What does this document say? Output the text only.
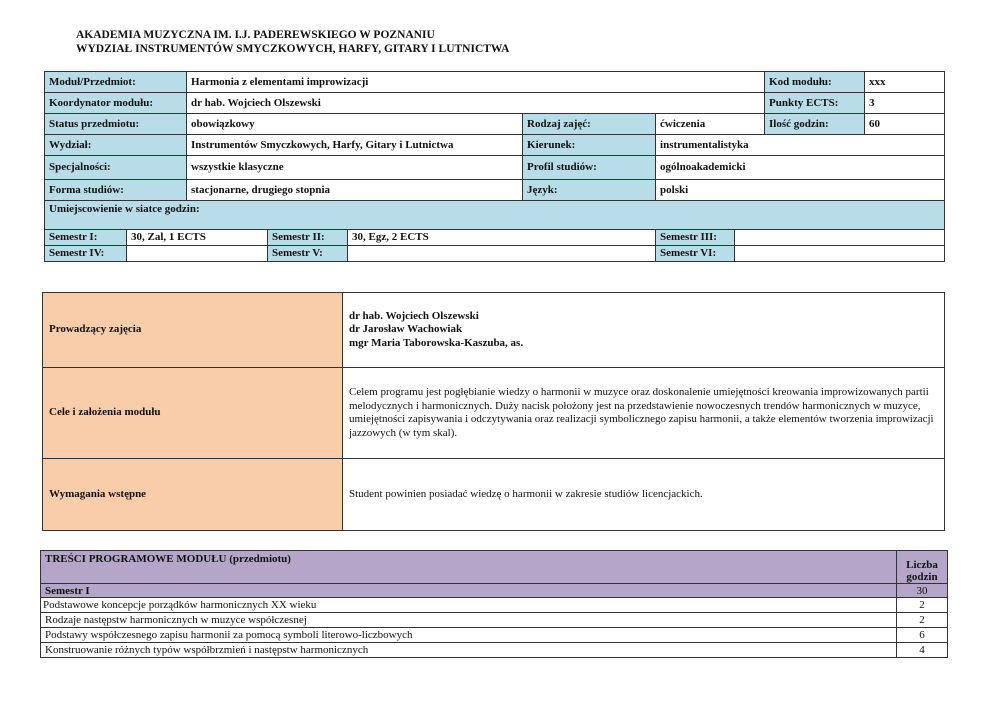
AKADEMIA MUZYCZNA IM. I.J. PADEREWSKIEGO W POZNANIU
WYDZIAŁ INSTRUMENTÓW SMYCZKOWYCH, HARFY, GITARY I LUTNICTWA
Moduł/Przedmiot:		Harmonia z elementami improwizacji						Kod modułu:	xxx
Koordynator modułu:		dr hab. Wojciech Olszewski						Punkty ECTS:	3
Status przedmiotu:		obowiązkowy			Rodzaj zajęć:	ćwiczenia		Ilość godzin:	60
Wydział:		Instrumentów Smyczkowych, Harfy, Gitary i Lutnictwa			Kierunek:	instrumentalistyka			
Specjalności:		wszystkie klasyczne			Profil studiów:	ogólnoakademicki			
Forma studiów:		stacjonarne, drugiego stopnia			Język:	polski			
Umiejscowienie w siatce godzin:									
Semestr I:	30, Zal, 1 ECTS		Semestr II:	30, Egz, 2 ECTS		Semestr III:			
Semestr IV:			Semestr V:			Semestr VI:			
Prowadzący zajęcia	dr hab. Wojciech Olszewski
dr Jarosław Wachowiak
mgr Maria Taborowska-Kaszuba, as.

Cele i założenia modułu	Celem programu jest pogłębianie wiedzy o harmonii w muzyce oraz doskonalenie umiejętności kreowania improwizowanych partii melodycznych i harmonicznych. Duży nacisk położony jest na przedstawienie nowoczesnych trendów harmonicznych w muzyce, umiejętności zapisywania i odczytywania oraz realizacji symbolicznego zapisu harmonii, a także elementów tworzenia improwizacji jazzowych (w tym skal).
Wymagania wstępne	Student powinien posiadać wiedzę o harmonii w zakresie studiów licencjackich.
TREŚCI PROGRAMOWE MODUŁU (przedmiotu)	Liczba
godzin

Semestr I	30
Podstawowe koncepcje porządków harmonicznych XX wieku	2
Rodzaje następstw harmonicznych w muzyce współczesnej	2
Podstawy współczesnego zapisu harmonii za pomocą symboli literowo-liczbowych	6
Konstruowanie różnych typów współbrzmień i następstw harmonicznych	4
